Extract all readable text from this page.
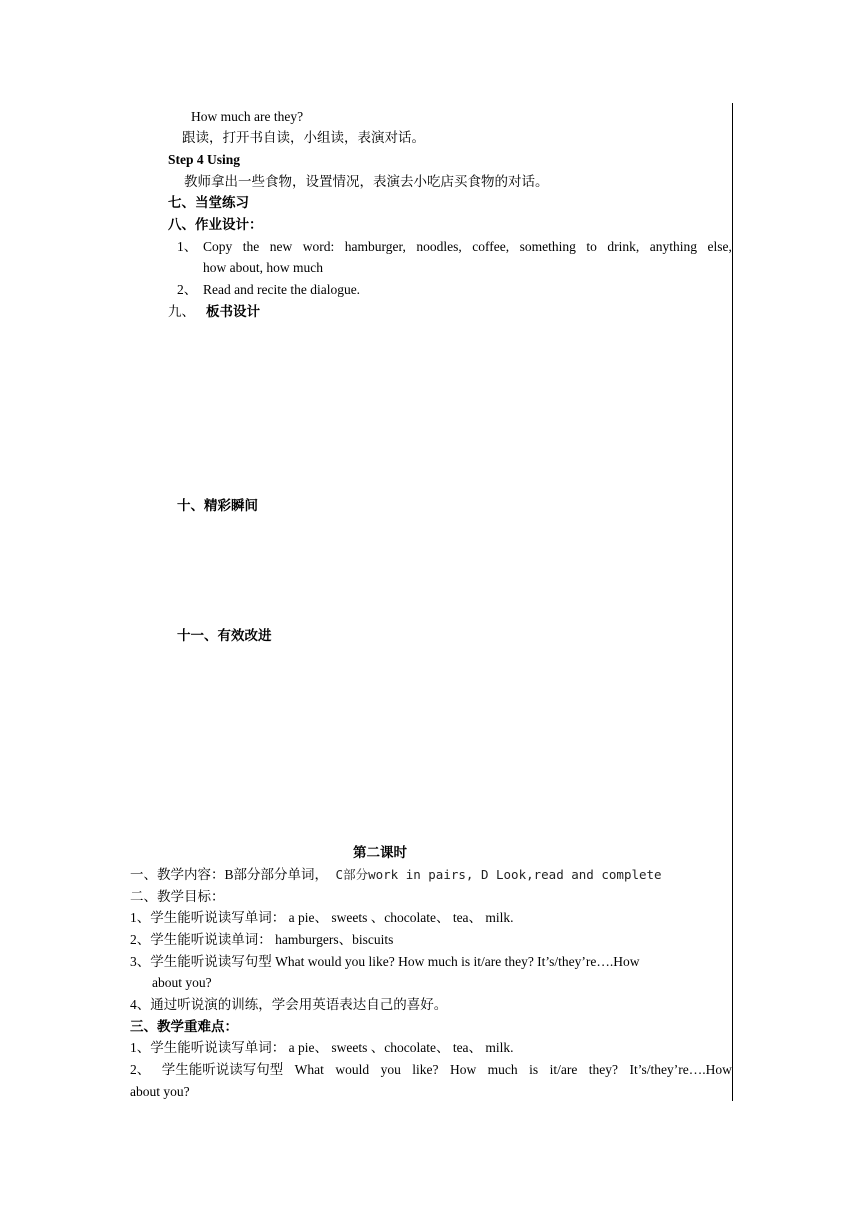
How much are they?
跟读，打开书自读，小组读，表演对话。
Step 4 Using
教师拿出一些食物，设置情况，表演去小吃店买食物的对话。
七、当堂练习
八、作业设计：
1、 Copy the new word: hamburger, noodles, coffee, something to drink, anything else,
how about, how much
2、 Read and recite the dialogue.
九、 板书设计
十、精彩瞬间
十一、有效改进
第二课时
一、教学内容：B部分部分单词， C部分work in pairs, D Look,read and complete
二、教学目标：
1、学生能听说读写单词： a pie、 sweets 、chocolate、 tea、 milk.
2、学生能听说读单词： hamburgers、biscuits
3、学生能听说读写句型 What would you like? How much is it/are they? It’s/they’re….How
about you?
4、通过听说演的训练，学会用英语表达自己的喜好。
三、教学重难点：
1、学生能听说读写单词： a pie、 sweets 、chocolate、 tea、 milk.
2、 学生能听说读写句型 What would you like? How much is it/are they? It’s/they’re….How
about you?
